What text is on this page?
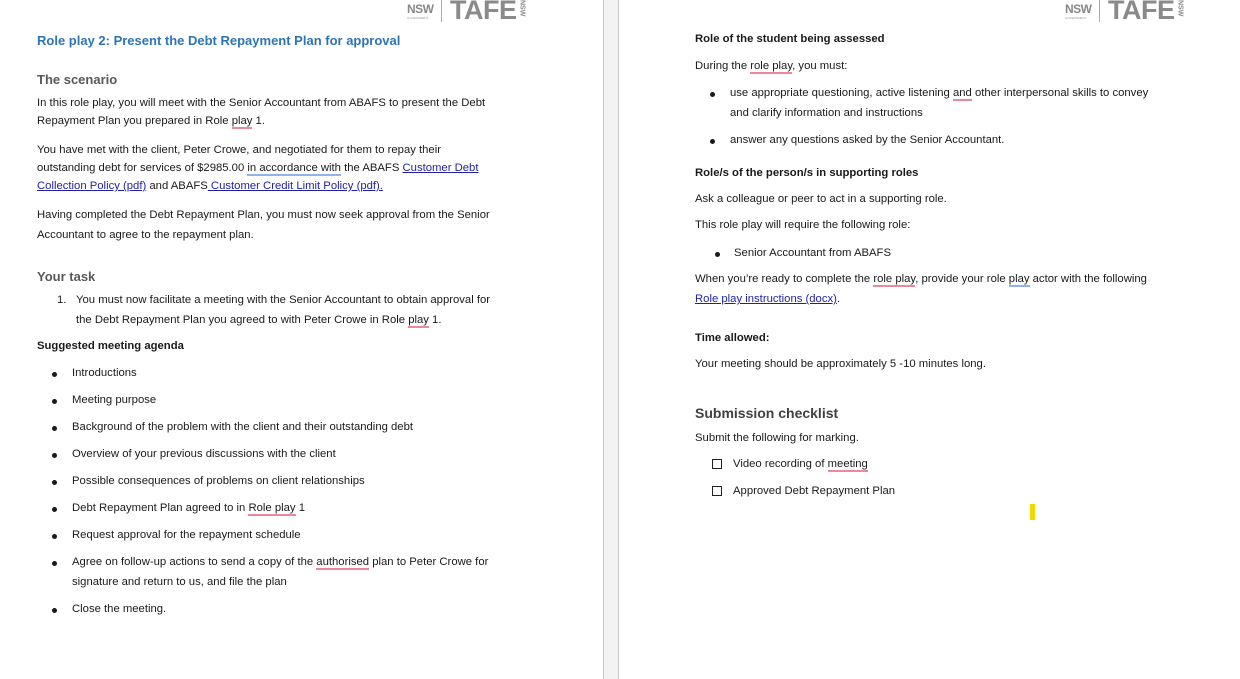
NSW
GOVERNMENT TAFE NSW
Role play 2: Present the Debt Repayment Plan for approval
The scenario
In this role play, you will meet with the Senior Accountant from ABAFS to present the Debt
Repayment Plan you prepared in Role play 1.
You have met with the client, Peter Crowe, and negotiated for them to repay their
outstanding debt for services of $2985.00 in accordance with the ABAFS Customer Debt
Collection Policy (pdf) and ABAFS Customer Credit Limit Policy (pdf).
Having completed the Debt Repayment Plan, you must now seek approval from the Senior
Accountant to agree to the repayment plan.
Your task
1. You must now facilitate a meeting with the Senior Accountant to obtain approval for
the Debt Repayment Plan you agreed to with Peter Crowe in Role play 1.
Suggested meeting agenda
Introductions
Meeting purpose
Background of the problem with the client and their outstanding debt
Overview of your previous discussions with the client
Possible consequences of problems on client relationships
Debt Repayment Plan agreed to in Role play 1
Request approval for the repayment schedule
Agree on follow-up actions to send a copy of the authorised plan to Peter Crowe for
signature and return to us, and file the plan
Close the meeting.
NSW
GOVERNMENT TAFE NSW
Role of the student being assessed
During the role play, you must:
use appropriate questioning, active listening and other interpersonal skills to convey
and clarify information and instructions
answer any questions asked by the Senior Accountant.
Role/s of the person/s in supporting roles
Ask a colleague or peer to act in a supporting role.
This role play will require the following role:
Senior Accountant from ABAFS
When you’re ready to complete the role play, provide your role play actor with the following
Role play instructions (docx).
Time allowed:
Your meeting should be approximately 5 -10 minutes long.
Submission checklist
Submit the following for marking.
Video recording of meeting
Approved Debt Repayment Plan
